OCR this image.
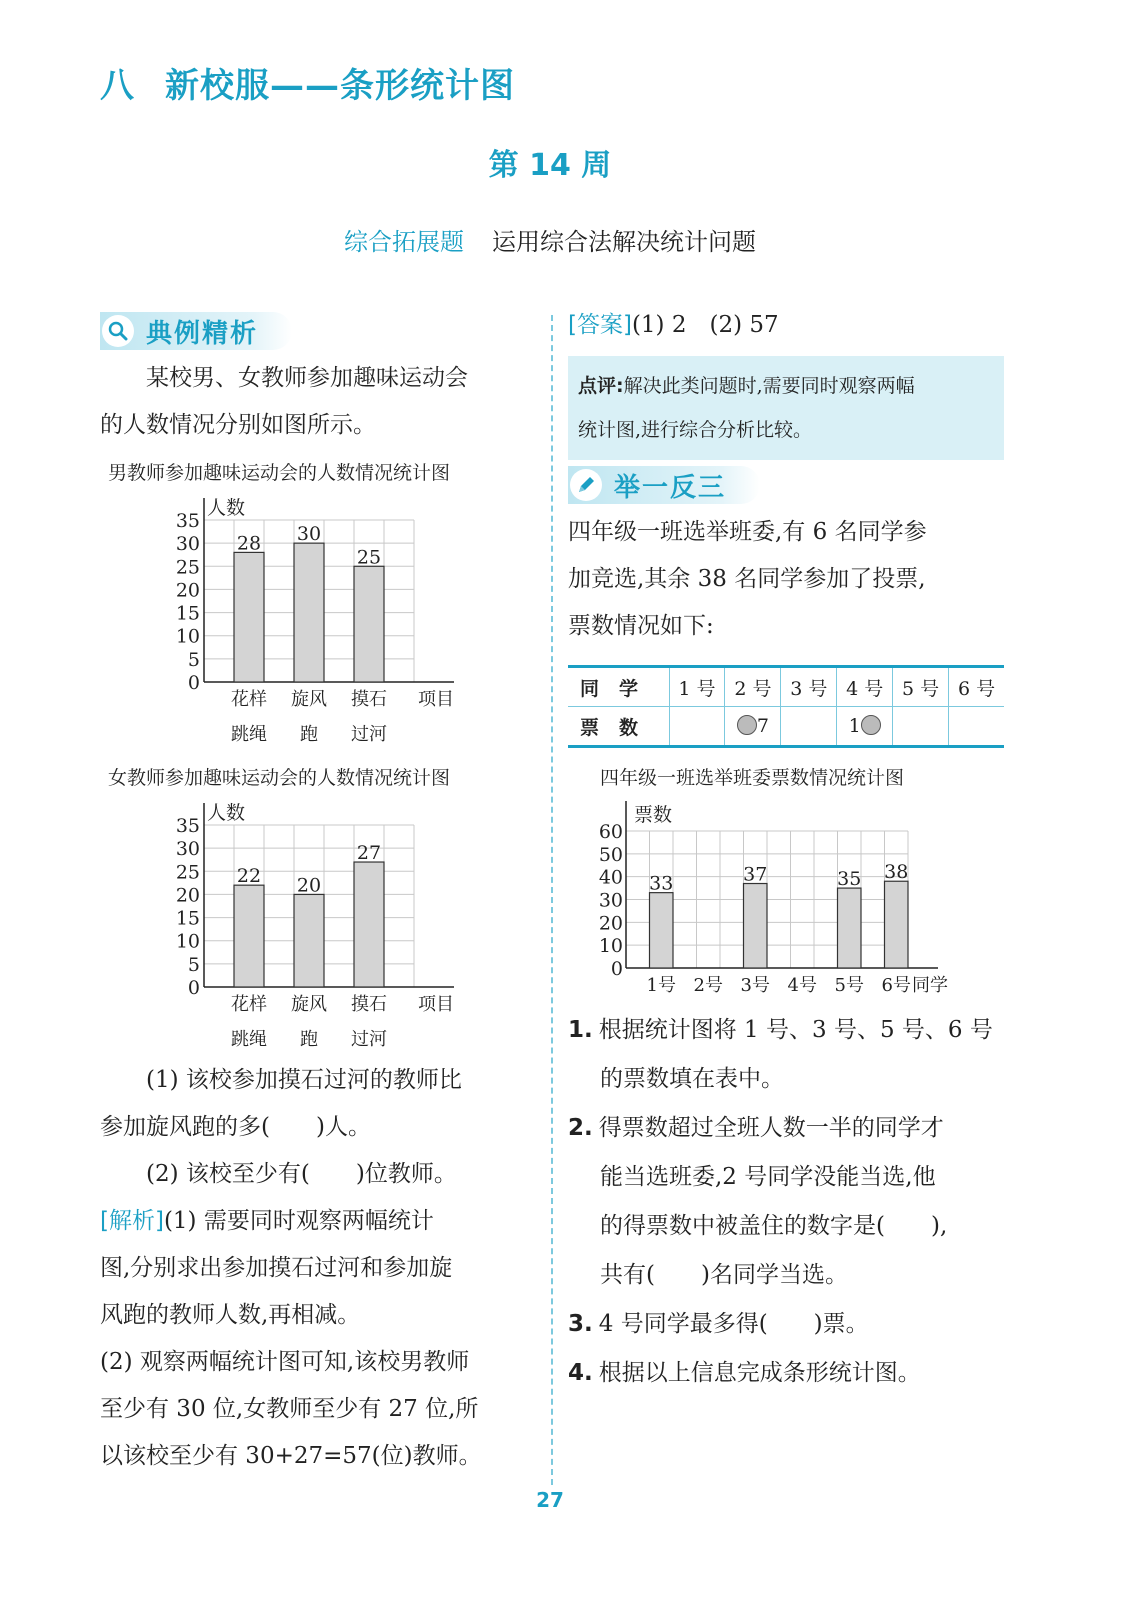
八 新校服——条形统计图
第 14 周
综合拓展题 运用综合法解决统计问题
典例精析
某校男、女教师参加趣味运动会
的人数情况分别如图所示。
男教师参加趣味运动会的人数情况统计图
0
5
10
15
20
25
30
35
人数
28
花样
跳绳
30
旋风
跑
25
摸石
过河
项目
女教师参加趣味运动会的人数情况统计图
0
5
10
15
20
25
30
35
人数
22
花样
跳绳
20
旋风
跑
27
摸石
过河
项目
(1) 该校参加摸石过河的教师比
参加旋风跑的多(　　)人。
(2) 该校至少有(　　)位教师。
[解析](1) 需要同时观察两幅统计
图,分别求出参加摸石过河和参加旋
风跑的教师人数,再相减。
(2) 观察两幅统计图可知,该校男教师
至少有 30 位,女教师至少有 27 位,所
以该校至少有 30+27=57(位)教师。
[答案](1) 2　(2) 57
点评:解决此类问题时,需要同时观察两幅
统计图,进行综合分析比较。
举一反三
四年级一班选举班委,有 6 名同学参
加竞选,其余 38 名同学参加了投票,
票数情况如下:
同学	1 号	2 号	3 号	4 号	5 号	6 号
票数		7		1		
四年级一班选举班委票数情况统计图
0
10
20
30
40
50
60
票数
33
1号 2号
37
3号 4号
35
5号
38
6号 同学
1. 根据统计图将 1 号、3 号、5 号、6 号
的票数填在表中。
2. 得票数超过全班人数一半的同学才
能当选班委,2 号同学没能当选,他
的得票数中被盖住的数字是(　　),
共有(　　)名同学当选。
3. 4 号同学最多得(　　)票。
4. 根据以上信息完成条形统计图。
27
